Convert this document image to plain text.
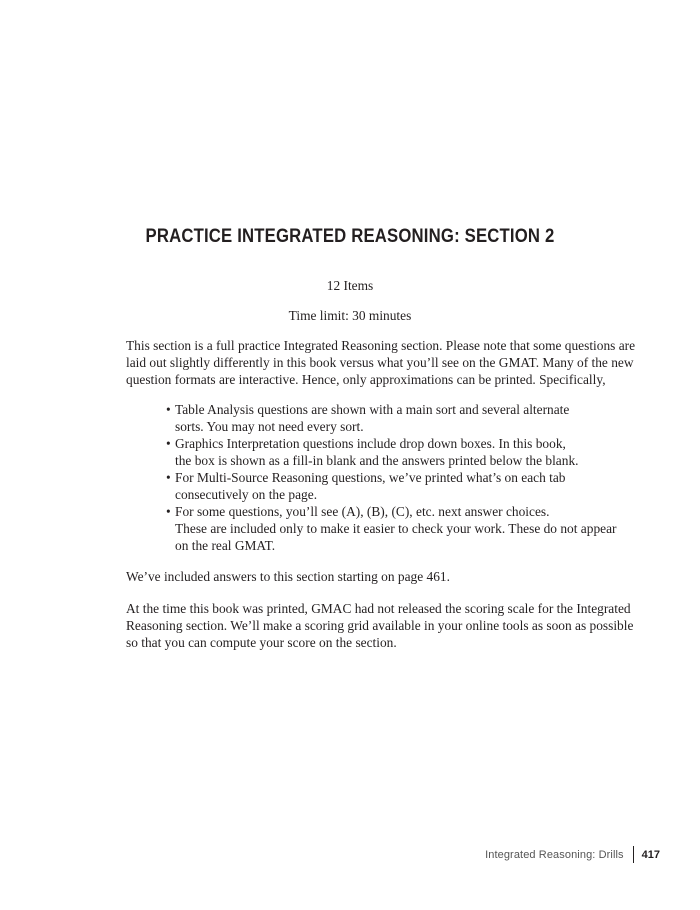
PRACTICE INTEGRATED REASONING: SECTION 2
12 Items
Time limit: 30 minutes
This section is a full practice Integrated Reasoning section. Please note that some questions are
laid out slightly differently in this book versus what you’ll see on the GMAT. Many of the new
question formats are interactive. Hence, only approximations can be printed. Specifically,
• Table Analysis questions are shown with a main sort and several alternate
sorts. You may not need every sort.
• Graphics Interpretation questions include drop down boxes. In this book,
the box is shown as a fill-in blank and the answers printed below the blank.
• For Multi-Source Reasoning questions, we’ve printed what’s on each tab
consecutively on the page.
• For some questions, you’ll see (A), (B), (C), etc. next answer choices.
These are included only to make it easier to check your work. These do not appear
on the real GMAT.
We’ve included answers to this section starting on page 461.
At the time this book was printed, GMAC had not released the scoring scale for the Integrated
Reasoning section. We’ll make a scoring grid available in your online tools as soon as possible
so that you can compute your score on the section.
Integrated Reasoning: Drills 417
